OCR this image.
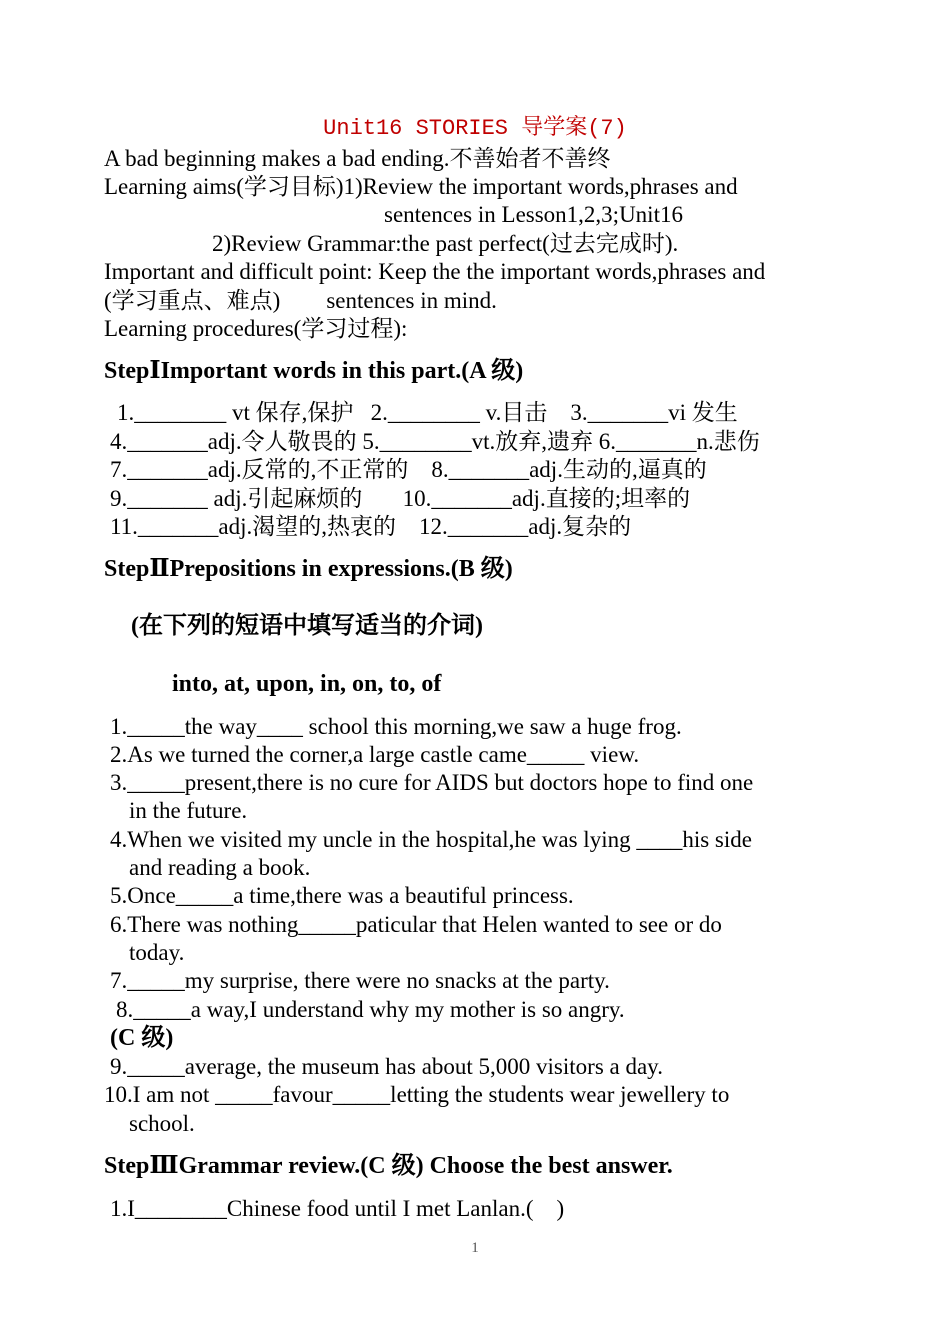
Unit16 STORIES 导学案(7)
A bad beginning makes a bad ending.不善始者不善终
Learning aims(学习目标)1)Review the important words,phrases and
sentences in Lesson1,2,3;Unit16
2)Review Grammar:the past perfect(过去完成时).
Important and difficult point: Keep the the important words,phrases and
(学习重点、难点)        sentences in mind.
Learning procedures(学习过程):
StepⅠImportant words in this part.(A 级)
1.________ vt 保存,保护   2.________ v.目击    3._______vi 发生
4._______adj.令人敬畏的 5.________vt.放弃,遗弃 6._______n.悲伤
7._______adj.反常的,不正常的    8._______adj.生动的,逼真的
9._______ adj.引起麻烦的       10._______adj.直接的;坦率的
11._______adj.渴望的,热衷的    12._______adj.复杂的
StepⅡPrepositions in expressions.(B 级)
(在下列的短语中填写适当的介词)
into, at, upon, in, on, to, of
1._____the way____ school this morning,we saw a huge frog.
2.As we turned the corner,a large castle came_____ view.
3._____present,there is no cure for AIDS but doctors hope to find one
in the future.
4.When we visited my uncle in the hospital,he was lying ____his side
and reading a book.
5.Once_____a time,there was a beautiful princess.
6.There was nothing_____paticular that Helen wanted to see or do
today.
7._____my surprise, there were no snacks at the party.
8._____a way,I understand why my mother is so angry.
(C 级)
9._____average, the museum has about 5,000 visitors a day.
10.I am not _____favour_____letting the students wear jewellery to
school.
StepⅢGrammar review.(C 级) Choose the best answer.
1.I________Chinese food until I met Lanlan.(    )
1
